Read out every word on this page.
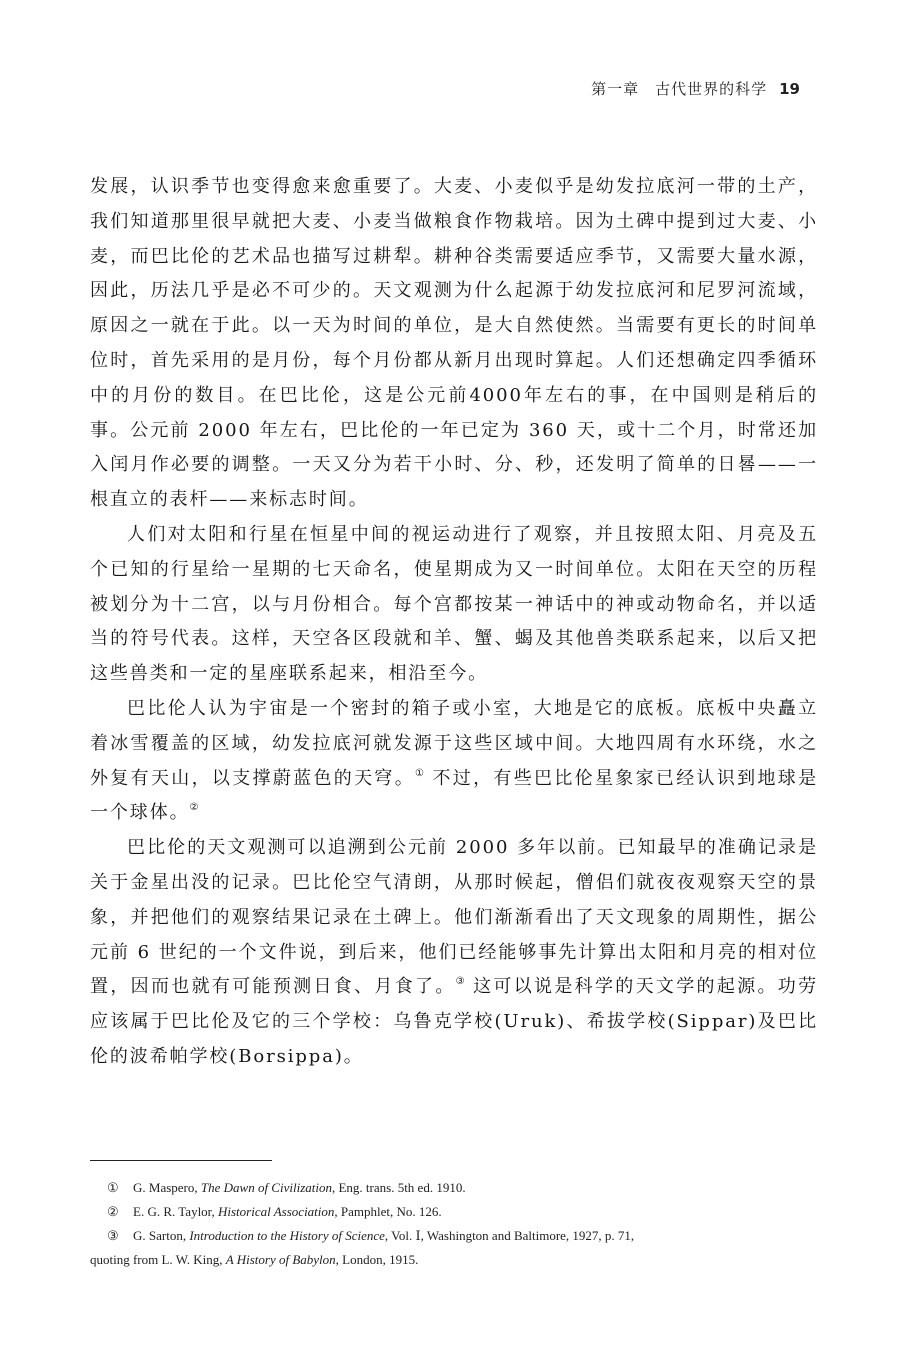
第一章　古代世界的科学 19

发展，认识季节也变得愈来愈重要了。大麦、小麦似乎是幼发拉底河一带的土产，我们知道那里很早就把大麦、小麦当做粮食作物栽培。因为土碑中提到过大麦、小麦，而巴比伦的艺术品也描写过耕犁。耕种谷类需要适应季节，又需要大量水源，因此，历法几乎是必不可少的。天文观测为什么起源于幼发拉底河和尼罗河流域，原因之一就在于此。以一天为时间的单位，是大自然使然。当需要有更长的时间单位时，首先采用的是月份，每个月份都从新月出现时算起。人们还想确定四季循环中的月份的数目。在巴比伦，这是公元前4000年左右的事，在中国则是稍后的事。公元前 2000 年左右，巴比伦的一年已定为 360 天，或十二个月，时常还加入闰月作必要的调整。一天又分为若干小时、分、秒，还发明了简单的日晷——一根直立的表杆——来标志时间。

人们对太阳和行星在恒星中间的视运动进行了观察，并且按照太阳、月亮及五个已知的行星给一星期的七天命名，使星期成为又一时间单位。太阳在天空的历程被划分为十二宫，以与月份相合。每个宫都按某一神话中的神或动物命名，并以适当的符号代表。这样，天空各区段就和羊、蟹、蝎及其他兽类联系起来，以后又把这些兽类和一定的星座联系起来，相沿至今。

巴比伦人认为宇宙是一个密封的箱子或小室，大地是它的底板。底板中央矗立着冰雪覆盖的区域，幼发拉底河就发源于这些区域中间。大地四周有水环绕，水之外复有天山，以支撑蔚蓝色的天穹。① 不过，有些巴比伦星象家已经认识到地球是一个球体。②

巴比伦的天文观测可以追溯到公元前 2000 多年以前。已知最早的准确记录是关于金星出没的记录。巴比伦空气清朗，从那时候起，僧侣们就夜夜观察天空的景象，并把他们的观察结果记录在土碑上。他们渐渐看出了天文现象的周期性，据公元前 6 世纪的一个文件说，到后来，他们已经能够事先计算出太阳和月亮的相对位置，因而也就有可能预测日食、月食了。③ 这可以说是科学的天文学的起源。功劳应该属于巴比伦及它的三个学校：乌鲁克学校(Uruk)、希拔学校(Sippar)及巴比伦的波希帕学校(Borsippa)。

① G. Maspero, The Dawn of Civilization, Eng. trans. 5th ed. 1910.

② E. G. R. Taylor, Historical Association, Pamphlet, No. 126.

③ G. Sarton, Introduction to the History of Science, Vol. Ⅰ, Washington and Baltimore, 1927, p. 71,

quoting from L. W. King, A History of Babylon, London, 1915.
